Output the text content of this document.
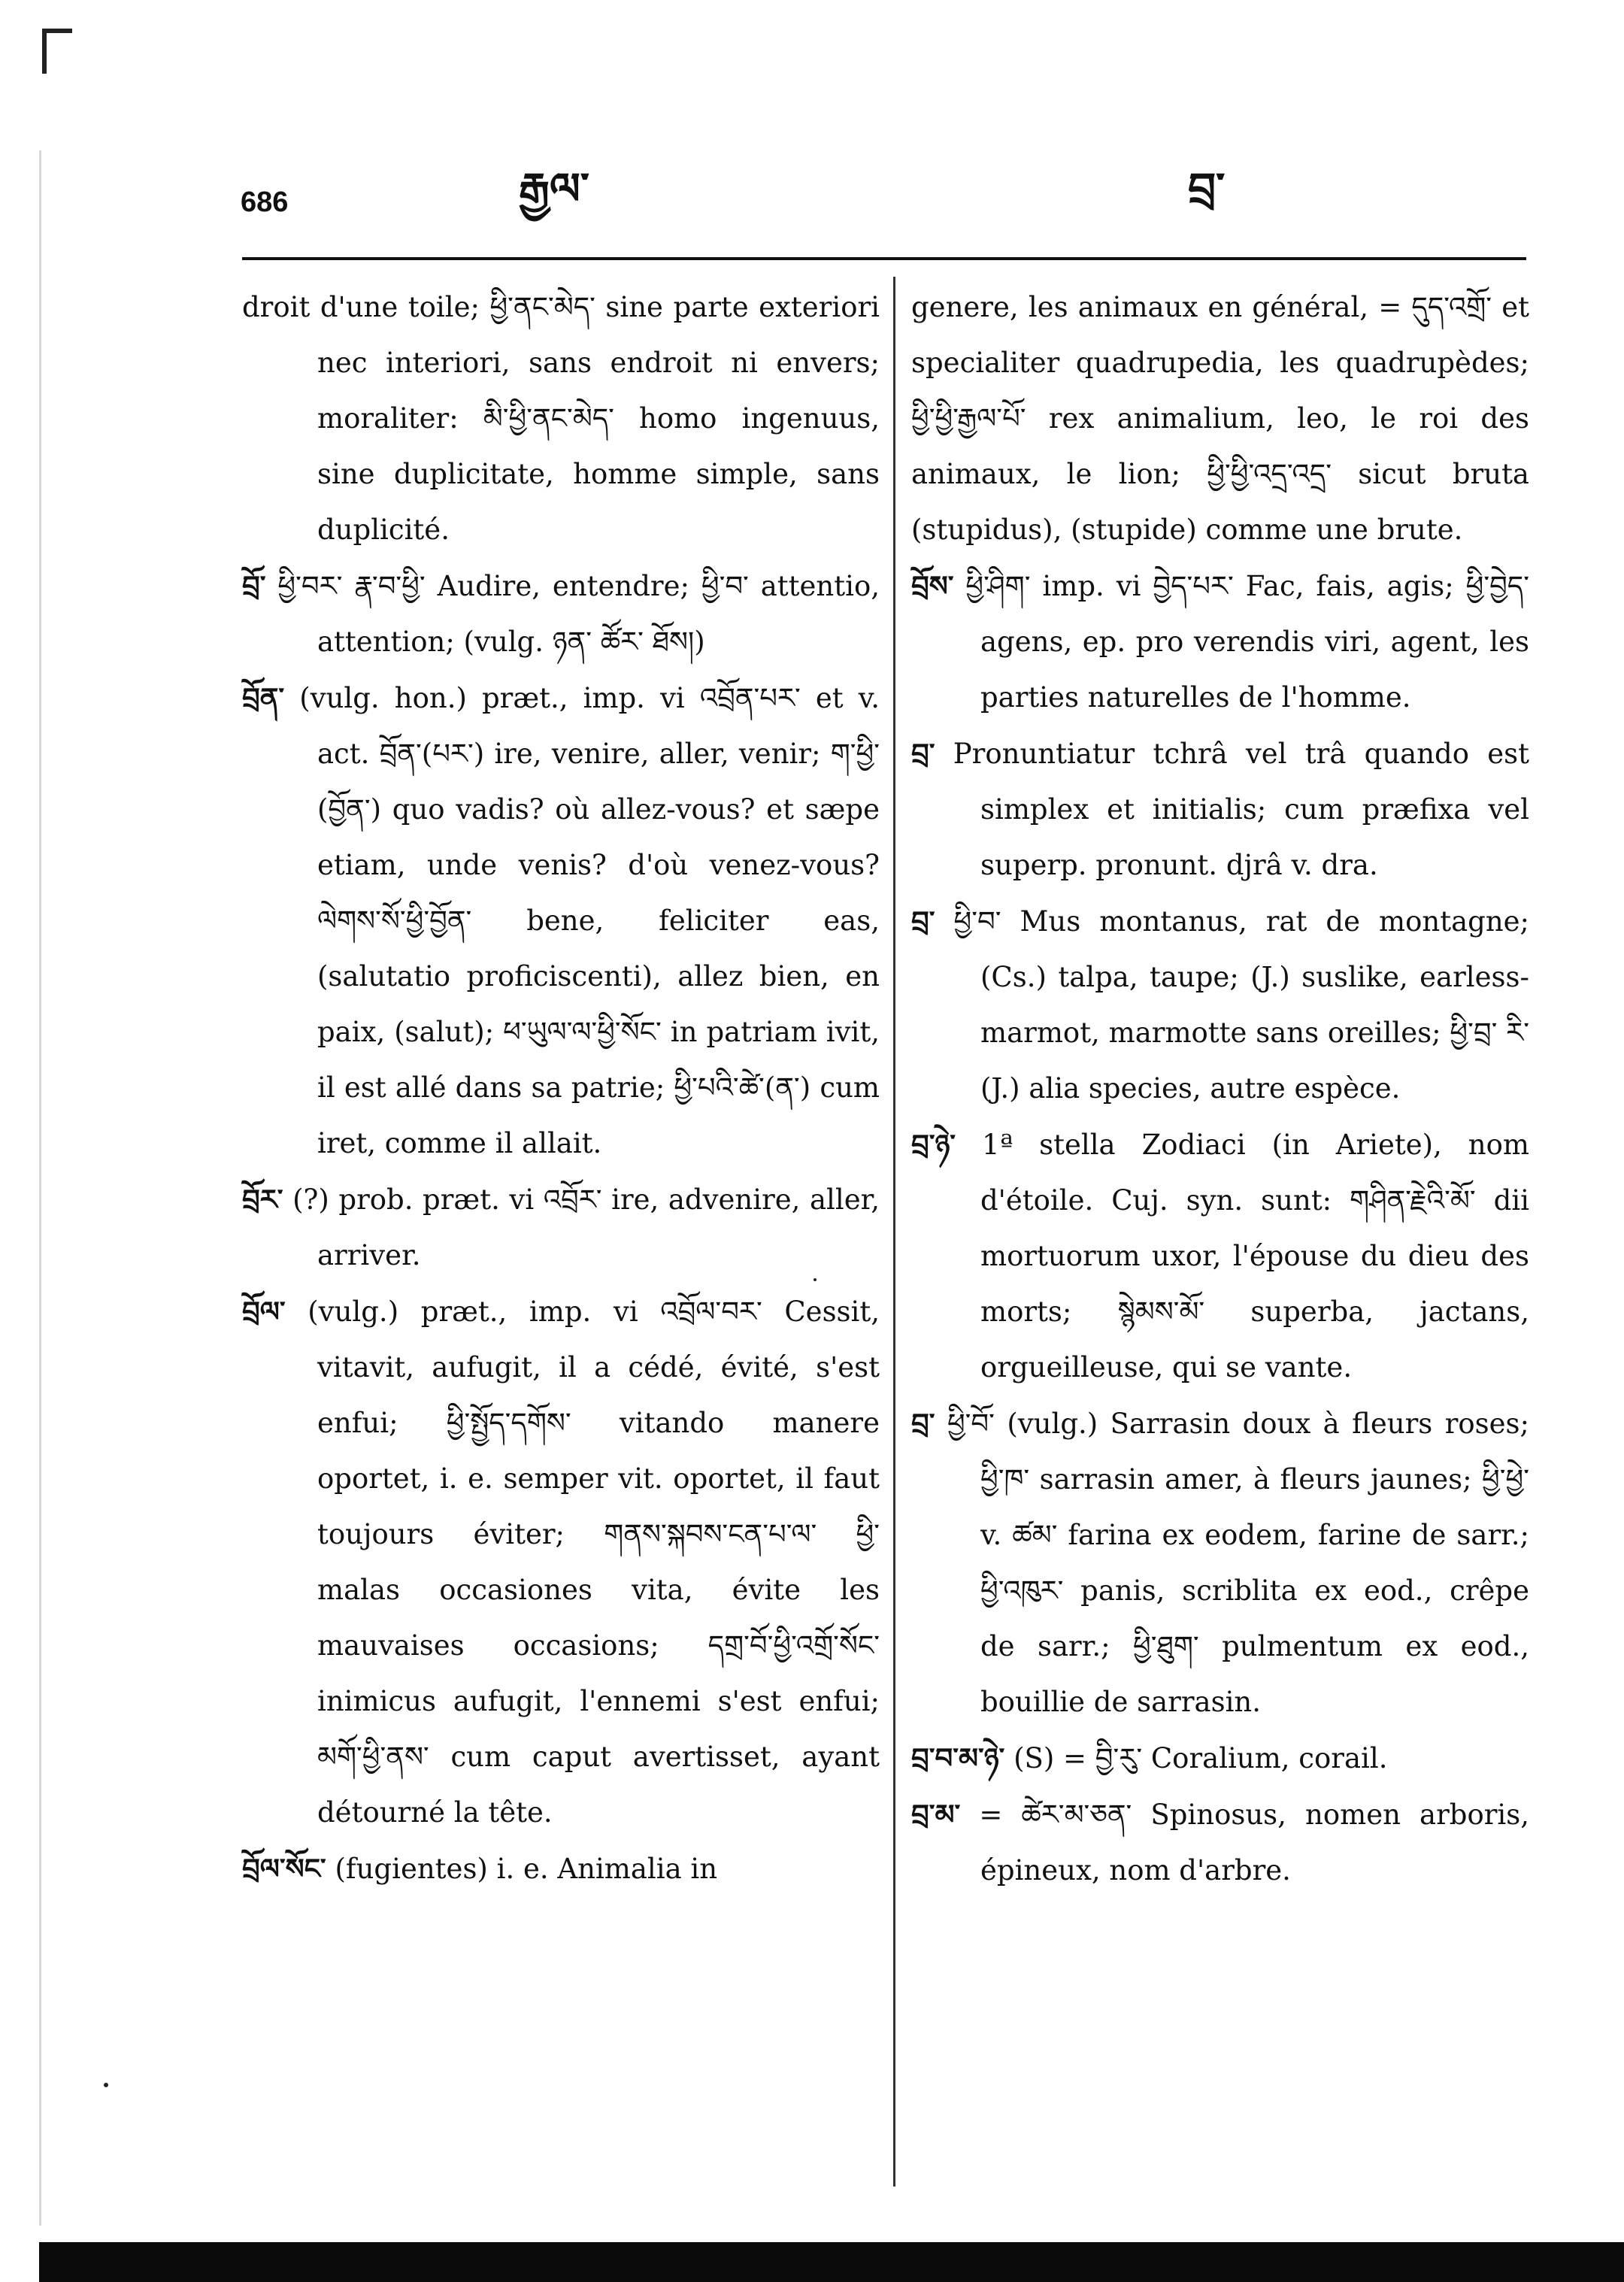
686	རྒྱལ་	བྲ་

droit d'une toile; ཕྱི་ནང་མེད་ sine parte exteriori nec interiori, sans endroit ni envers; moraliter: མི་ཕྱི་ནང་མེད་ homo ingenuus, sine duplicitate, homme simple, sans duplicité.

བྲོ་ ཕྱི་བར་ རྣ་བ་ཕྱི་ Audire, entendre; ཕྱི་བ་ attentio, attention; (vulg. ཉན་ ཚོར་ ཐོས།)

བྲོན་ (vulg. hon.) præt., imp. vi འབྲོན་པར་ et v. act. བྲོན་(པར་) ire, venire, aller, venir; ག་ཕྱི་(བྱོན་) quo vadis? où allez-vous? et sæpe etiam, unde venis? d'où venez-vous? ལེགས་སོ་ཕྱི་བྱོན་ bene, feliciter eas, (salutatio proficiscenti), allez bien, en paix, (salut); ཕ་ཡུལ་ལ་ཕྱི་སོང་ in patriam ivit, il est allé dans sa patrie; ཕྱི་པའི་ཚེ་(ན་) cum iret, comme il allait.

བྲོར་ (?) prob. præt. vi འབྲོར་ ire, advenire, aller, arriver.

བྲོལ་ (vulg.) præt., imp. vi འབྲོལ་བར་ Cessit, vitavit, aufugit, il a cédé, évité, s'est enfui; ཕྱི་སྤྱོད་དགོས་ vitando manere oportet, i. e. semper vit. oportet, il faut toujours éviter; གནས་སྐབས་ངན་པ་ལ་ ཕྱི་ malas occasiones vita, évite les mauvaises occasions; དགྲ་བོ་ཕྱི་འགྲོ་སོང་ inimicus aufugit, l'ennemi s'est enfui; མགོ་ཕྱི་ནས་ cum caput avertisset, ayant détourné la tête.

བྲོལ་སོང་ (fugientes) i. e. Animalia in

genere, les animaux en général, = དུད་འགྲོ་ et specialiter quadrupedia, les quadrupèdes; ཕྱི་ཕྱི་རྒྱལ་པོ་ rex animalium, leo, le roi des animaux, le lion; ཕྱི་ཕྱི་འདྲ་འདྲ་ sicut bruta (stupidus), (stupide) comme une brute.

བྲོས་ ཕྱི་ཤིག་ imp. vi བྱེད་པར་ Fac, fais, agis; ཕྱི་བྱེད་ agens, ep. pro verendis viri, agent, les parties naturelles de l'homme.

བྲ་ Pronuntiatur tchrâ vel trâ quando est simplex et initialis; cum præfixa vel superp. pronunt. djrâ v. dra.

བྲ་ ཕྱི་བ་ Mus montanus, rat de montagne; (Cs.) talpa, taupe; (J.) suslike, earless-marmot, marmotte sans oreilles; ཕྱི་བྲ་ རི་ (J.) alia species, autre espèce.

བྲ་ཉེ་ 1ª stella Zodiaci (in Ariete), nom d'étoile. Cuj. syn. sunt: གཤིན་རྗེའི་མོ་ dii mortuorum uxor, l'épouse du dieu des morts; སྙེམས་མོ་ superba, jactans, orgueilleuse, qui se vante.

བྲ་ ཕྱི་བོ་ (vulg.) Sarrasin doux à fleurs roses; ཕྱི་ཁ་ sarrasin amer, à fleurs jaunes; ཕྱི་ཕྱེ་ v. ཚམ་ farina ex eodem, farine de sarr.; ཕྱི་འཁུར་ panis, scriblita ex eod., crêpe de sarr.; ཕྱི་ཐུག་ pulmentum ex eod., bouillie de sarrasin.

བྲ་བ་མ་ཉེ་ (S) = བྱི་རུ་ Coralium, corail.

བྲ་མ་ = ཚེར་མ་ཅན་ Spinosus, nomen arboris, épineux, nom d'arbre.
